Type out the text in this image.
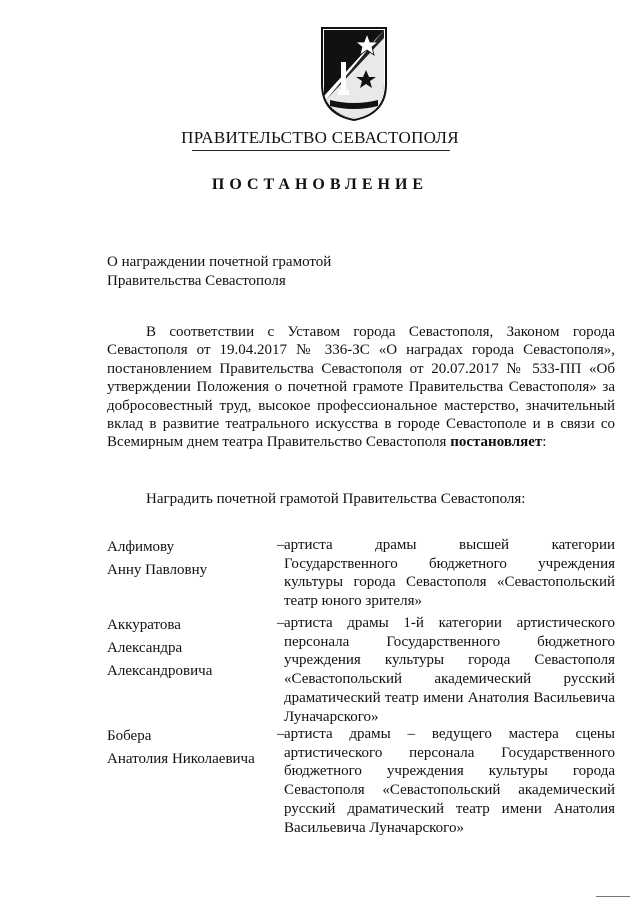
ПРАВИТЕЛЬСТВО СЕВАСТОПОЛЯ
ПОСТАНОВЛЕНИЕ
О награждении почетной грамотой
Правительства Севастополя

В соответствии с Уставом города Севастополя, Законом города Севастополя от 19.04.2017 № 336-ЗС «О наградах города Севастополя», постановлением Правительства Севастополя от 20.07.2017 № 533-ПП «Об утверждении Положения о почетной грамоте Правительства Севастополя» за добросовестный труд, высокое профессиональное мастерство, значительный вклад в развитие театрального искусства в городе Севастополе и в связи со Всемирным днем театра Правительство Севастополя постановляет:

Наградить почетной грамотой Правительства Севастополя:
Алфимову
Анну Павловну
– артиста драмы высшей категории Государственного бюджетного учреждения культуры города Севастополя «Севастопольский театр юного зрителя»
Аккуратова
Александра
Александровича
– артиста драмы 1-й категории артистического персонала Государственного бюджетного учреждения культуры города Севастополя «Севастопольский академический русский драматический театр имени Анатолия Васильевича Луначарского»
Бобера
Анатолия Николаевича
– артиста драмы – ведущего мастера сцены артистического персонала Государственного бюджетного учреждения культуры города Севастополя «Севастопольский академический русский драматический театр имени Анатолия Васильевича Луначарского»
